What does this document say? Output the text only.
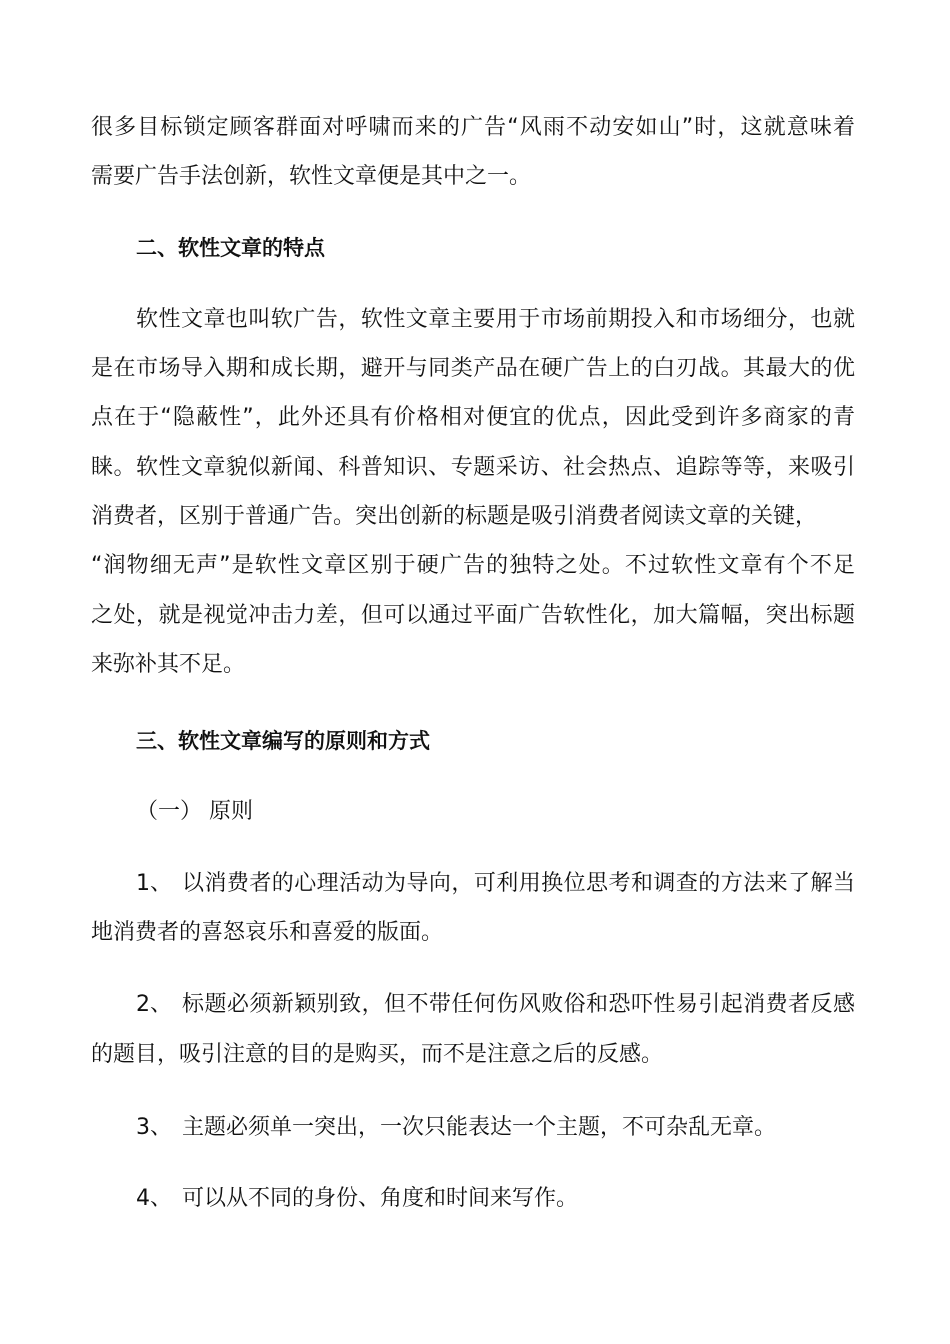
很多目标锁定顾客群面对呼啸而来的广告“风雨不动安如山”时，这就意味着
需要广告手法创新，软性文章便是其中之一。
二、软性文章的特点
软性文章也叫软广告，软性文章主要用于市场前期投入和市场细分，也就
是在市场导入期和成长期，避开与同类产品在硬广告上的白刃战。其最大的优
点在于“隐蔽性”，此外还具有价格相对便宜的优点，因此受到许多商家的青
睐。软性文章貌似新闻、科普知识、专题采访、社会热点、追踪等等，来吸引
消费者，区别于普通广告。突出创新的标题是吸引消费者阅读文章的关键，
“润物细无声”是软性文章区别于硬广告的独特之处。不过软性文章有个不足
之处，就是视觉冲击力差，但可以通过平面广告软性化，加大篇幅，突出标题
来弥补其不足。
三、软性文章编写的原则和方式
（一） 原则
1、 以消费者的心理活动为导向，可利用换位思考和调查的方法来了解当
地消费者的喜怒哀乐和喜爱的版面。
2、 标题必须新颖别致，但不带任何伤风败俗和恐吓性易引起消费者反感
的题目，吸引注意的目的是购买，而不是注意之后的反感。
3、 主题必须单一突出，一次只能表达一个主题，不可杂乱无章。
4、 可以从不同的身份、角度和时间来写作。
